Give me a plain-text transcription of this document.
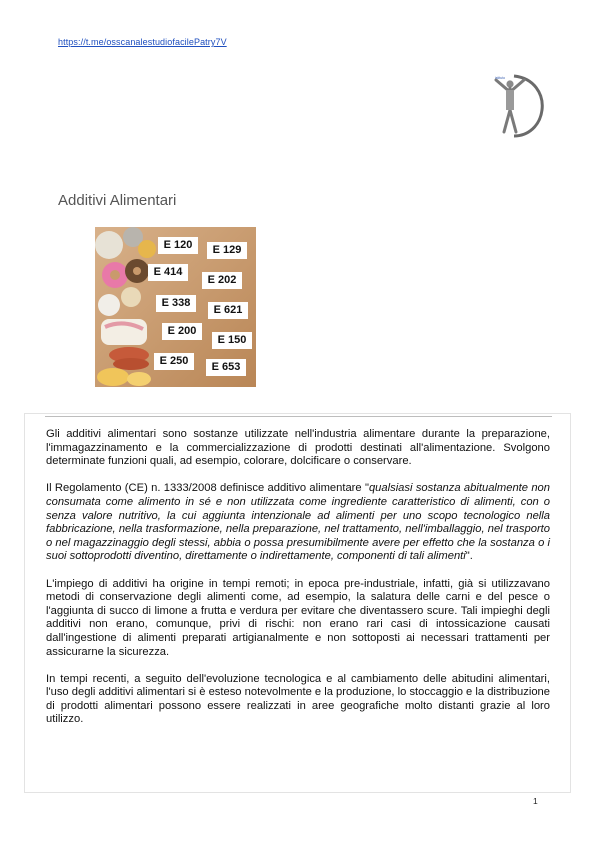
https://t.me/osscanalestudiofacilePatry7V
istituto
Additivi Alimentari
E 120	E 129
E 414
E 202
E 338
E 621
E 200
E 150
E 250	E 653

Gli additivi alimentari sono sostanze utilizzate nell'industria alimentare durante la preparazione, l'immagazzinamento e la commercializzazione di prodotti destinati all'alimentazione. Svolgono determinate funzioni quali, ad esempio, colorare, dolcificare o conservare.

Il Regolamento (CE) n. 1333/2008 definisce additivo alimentare "qualsiasi sostanza abitualmente non consumata come alimento in sé e non utilizzata come ingrediente caratteristico di alimenti, con o senza valore nutritivo, la cui aggiunta intenzionale ad alimenti per uno scopo tecnologico nella fabbricazione, nella trasformazione, nella preparazione, nel trattamento, nell'imballaggio, nel trasporto o nel magazzinaggio degli stessi, abbia o possa presumibilmente avere per effetto che la sostanza o i suoi sottoprodotti diventino, direttamente o indirettamente, componenti di tali alimenti".

L'impiego di additivi ha origine in tempi remoti; in epoca pre-industriale, infatti, già si utilizzavano metodi di conservazione degli alimenti come, ad esempio, la salatura delle carni e del pesce o l'aggiunta di succo di limone a frutta e verdura per evitare che diventassero scure. Tali impieghi degli additivi non erano, comunque, privi di rischi: non erano rari casi di intossicazione causati dall'ingestione di alimenti preparati artigianalmente e non sottoposti ai necessari trattamenti per assicurarne la sicurezza.

In tempi recenti, a seguito dell'evoluzione tecnologica e al cambiamento delle abitudini alimentari, l'uso degli additivi alimentari si è esteso notevolmente e la produzione, lo stoccaggio e la distribuzione di prodotti alimentari possono essere realizzati in aree geografiche molto distanti grazie al loro utilizzo.

1
